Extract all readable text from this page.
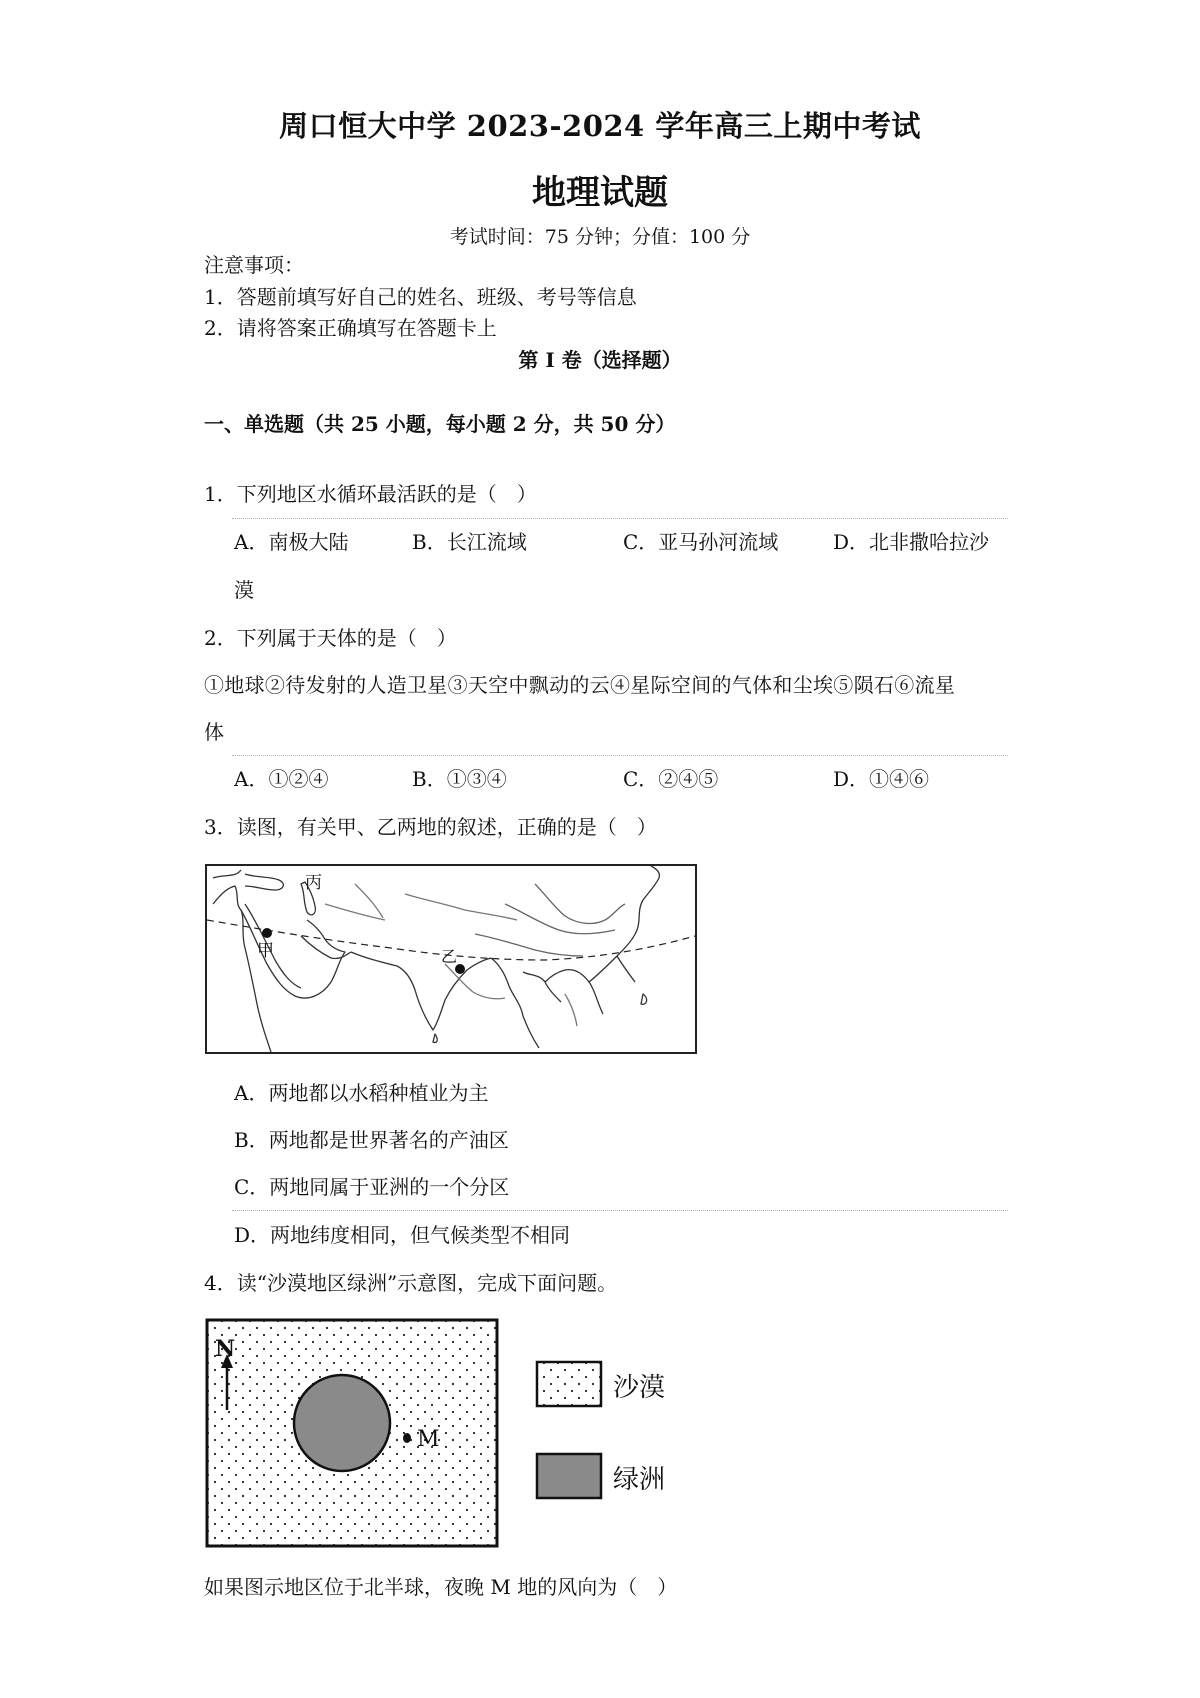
周口恒大中学 2023-2024 学年高三上期中考试
地理试题
考试时间：75 分钟；分值：100 分
注意事项：
1．答题前填写好自己的姓名、班级、考号等信息
2．请将答案正确填写在答题卡上
第 I 卷（选择题）
一、单选题（共 25 小题，每小题 2 分，共 50 分）
1．下列地区水循环最活跃的是（　）
A．南极大陆	B．长江流域	C．亚马孙河流域	D．北非撒哈拉沙
漠
2．下列属于天体的是（　）
①地球②待发射的人造卫星③天空中飘动的云④星际空间的气体和尘埃⑤陨石⑥流星
体
A．①②④	B．①③④	C．②④⑤	D．①④⑥
3．读图，有关甲、乙两地的叙述，正确的是（　）
甲	乙
丙
A．两地都以水稻种植业为主
B．两地都是世界著名的产油区
C．两地同属于亚洲的一个分区
D．两地纬度相同，但气候类型不相同
4．读“沙漠地区绿洲”示意图，完成下面问题。
N
M
沙漠
绿洲
如果图示地区位于北半球，夜晚 M 地的风向为（　）
